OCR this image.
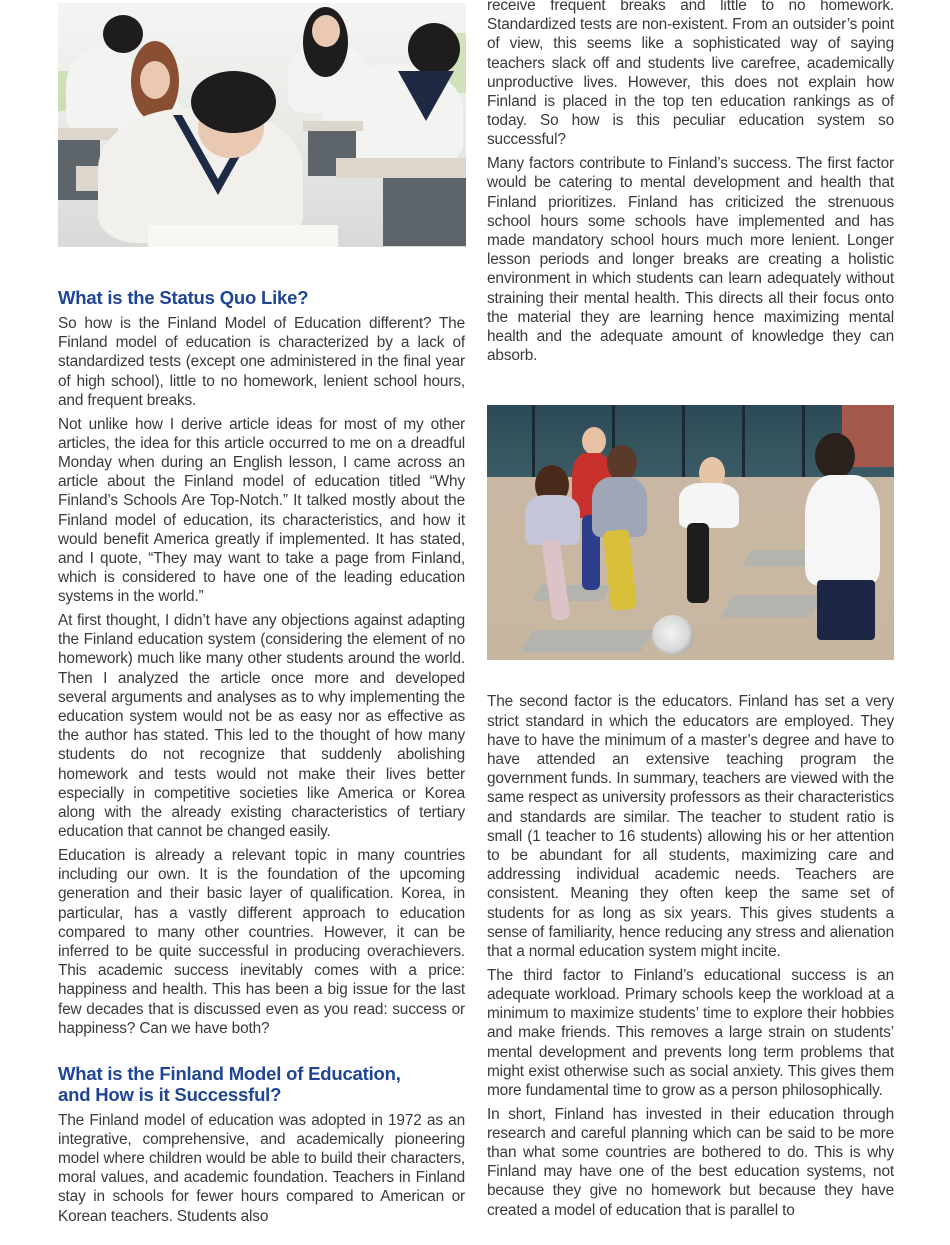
What is the Status Quo Like?

So how is the Finland Model of Education different? The Finland model of education is characterized by a lack of standardized tests (except one administered in the final year of high school), little to no homework, lenient school hours, and frequent breaks.

Not unlike how I derive article ideas for most of my other articles, the idea for this article occurred to me on a dreadful Monday when during an English lesson, I came across an article about the Finland model of education titled “Why Finland’s Schools Are Top-Notch.” It talked mostly about the Finland model of education, its characteristics, and how it would benefit America greatly if implemented. It has stated, and I quote, “They may want to take a page from Finland, which is considered to have one of the leading education systems in the world.”

At first thought, I didn’t have any objections against adapting the Finland education system (considering the element of no homework) much like many other students around the world. Then I analyzed the article once more and developed several arguments and analyses as to why implementing the education system would not be as easy nor as effective as the author has stated. This led to the thought of how many students do not recognize that suddenly abolishing homework and tests would not make their lives better especially in competitive societies like America or Korea along with the already existing characteristics of tertiary education that cannot be changed easily.

Education is already a relevant topic in many countries including our own. It is the foundation of the upcoming generation and their basic layer of qualification. Korea, in particular, has a vastly different approach to education compared to many other countries. However, it can be inferred to be quite successful in producing overachievers. This academic success inevitably comes with a price: happiness and health. This has been a big issue for the last few decades that is discussed even as you read: success or happiness? Can we have both?

What is the Finland Model of Education,
and How is it Successful?

The Finland model of education was adopted in 1972 as an integrative, comprehensive, and academically pioneering model where children would be able to build their characters, moral values, and academic foundation. Teachers in Finland stay in schools for fewer hours compared to American or Korean teachers. Students also

receive frequent breaks and little to no homework. Standardized tests are non-existent. From an outsider’s point of view, this seems like a sophisticated way of saying teachers slack off and students live carefree, academically unproductive lives. However, this does not explain how Finland is placed in the top ten education rankings as of today. So how is this peculiar education system so successful?

Many factors contribute to Finland’s success. The first factor would be catering to mental development and health that Finland prioritizes. Finland has criticized the strenuous school hours some schools have implemented and has made mandatory school hours much more lenient. Longer lesson periods and longer breaks are creating a holistic environment in which students can learn adequately without straining their mental health. This directs all their focus onto the material they are learning hence maximizing mental health and the adequate amount of knowledge they can absorb.

The second factor is the educators. Finland has set a very strict standard in which the educators are employed. They have to have the minimum of a master’s degree and have to have attended an extensive teaching program the government funds. In summary, teachers are viewed with the same respect as university professors as their characteristics and standards are similar. The teacher to student ratio is small (1 teacher to 16 students) allowing his or her attention to be abundant for all students, maximizing care and addressing individual academic needs. Teachers are consistent. Meaning they often keep the same set of students for as long as six years. This gives students a sense of familiarity, hence reducing any stress and alienation that a normal education system might incite.

The third factor to Finland’s educational success is an adequate workload. Primary schools keep the workload at a minimum to maximize students’ time to explore their hobbies and make friends. This removes a large strain on students’ mental development and prevents long term problems that might exist otherwise such as social anxiety. This gives them more fundamental time to grow as a person philosophically.

In short, Finland has invested in their education through research and careful planning which can be said to be more than what some countries are bothered to do. This is why Finland may have one of the best education systems, not because they give no homework but because they have created a model of education that is parallel to
